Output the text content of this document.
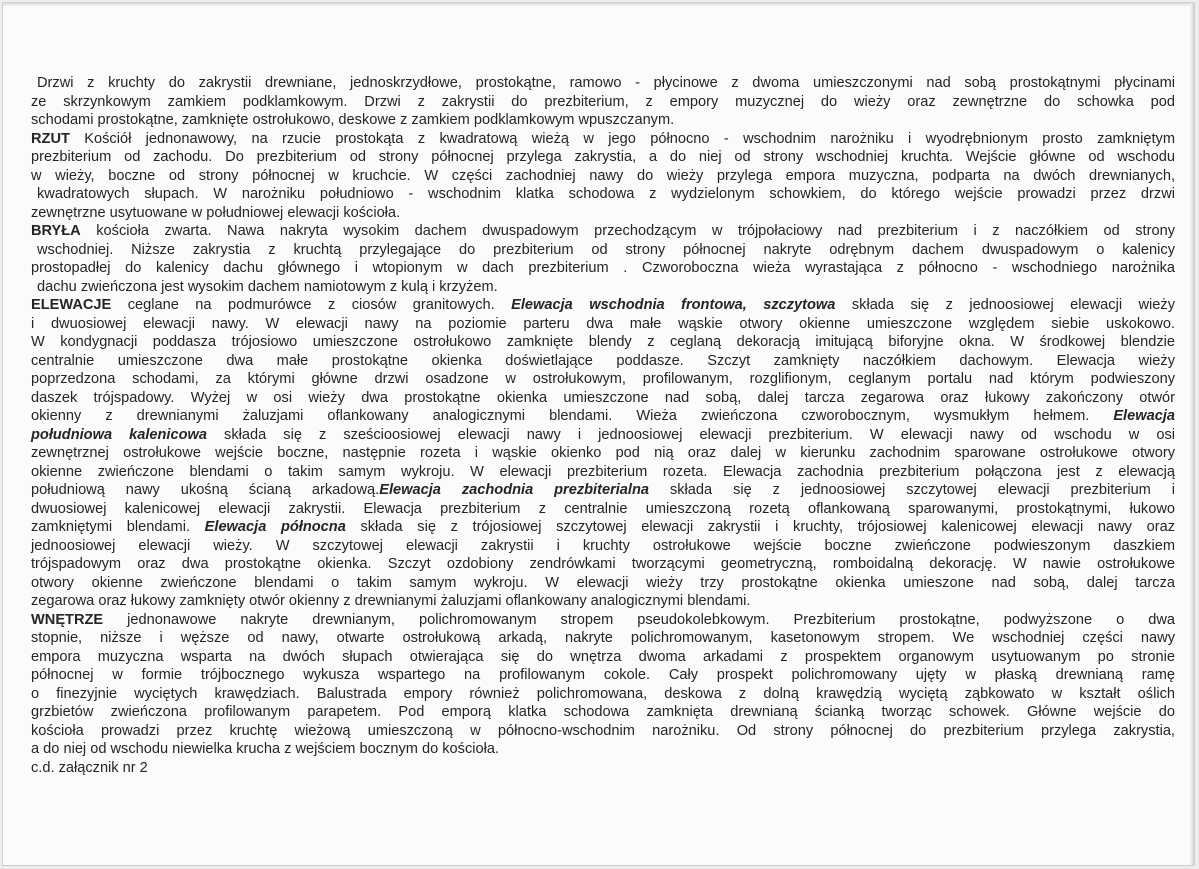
Drzwi z kruchty do zakrystii drewniane, jednoskrzydłowe, prostokątne, ramowo - płycinowe z dwoma umieszczonymi nad sobą prostokątnymi płycinami
ze skrzynkowym zamkiem podklamkowym. Drzwi z zakrystii do prezbiterium, z empory muzycznej do wieży oraz zewnętrzne do schowka pod
schodami prostokątne, zamknięte ostrołukowo, deskowe z zamkiem podklamkowym wpuszczanym.
RZUT Kościół jednonawowy, na rzucie prostokąta z kwadratową wieżą w jego północno - wschodnim narożniku i wyodrębnionym prosto zamkniętym
prezbiterium od zachodu. Do prezbiterium od strony północnej przylega zakrystia, a do niej od strony wschodniej kruchta. Wejście główne od wschodu
w wieży, boczne od strony północnej w kruchcie. W części zachodniej nawy do wieży przylega empora muzyczna, podparta na dwóch drewnianych,
kwadratowych słupach. W narożniku południowo - wschodnim klatka schodowa z wydzielonym schowkiem, do którego wejście prowadzi przez drzwi
zewnętrzne usytuowane w południowej elewacji kościoła.
BRYŁA kościoła zwarta. Nawa nakryta wysokim dachem dwuspadowym przechodzącym w trójpołaciowy nad prezbiterium i z naczółkiem od strony
wschodniej. Niższe zakrystia z kruchtą przylegające do prezbiterium od strony północnej nakryte odrębnym dachem dwuspadowym o kalenicy
prostopadłej do kalenicy dachu głównego i wtopionym w dach prezbiterium . Czworoboczna wieża wyrastająca z północno - wschodniego narożnika
dachu zwieńczona jest wysokim dachem namiotowym z kulą i krzyżem.
ELEWACJE ceglane na podmurówce z ciosów granitowych. Elewacja wschodnia frontowa, szczytowa składa się z jednoosiowej elewacji wieży
i dwuosiowej elewacji nawy. W elewacji nawy na poziomie parteru dwa małe wąskie otwory okienne umieszczone względem siebie uskokowo.
W kondygnacji poddasza trójosiowo umieszczone ostrołukowo zamknięte blendy z ceglaną dekoracją imitującą biforyjne okna. W środkowej blendzie
centralnie umieszczone dwa małe prostokątne okienka doświetlające poddasze. Szczyt zamknięty naczółkiem dachowym. Elewacja wieży
poprzedzona schodami, za którymi główne drzwi osadzone w ostrołukowym, profilowanym, rozglifionym, ceglanym portalu nad którym podwieszony
daszek trójspadowy. Wyżej w osi wieży dwa prostokątne okienka umieszczone nad sobą, dalej tarcza zegarowa oraz łukowy zakończony otwór
okienny z drewnianymi żaluzjami oflankowany analogicznymi blendami. Wieża zwieńczona czworobocznym, wysmukłym hełmem. Elewacja
południowa kalenicowa składa się z sześcioosiowej elewacji nawy i jednoosiowej elewacji prezbiterium. W elewacji nawy od wschodu w osi
zewnętrznej ostrołukowe wejście boczne, następnie rozeta i wąskie okienko pod nią oraz dalej w kierunku zachodnim sparowane ostrołukowe otwory
okienne zwieńczone blendami o takim samym wykroju. W elewacji prezbiterium rozeta. Elewacja zachodnia prezbiterium połączona jest z elewacją
południową nawy ukośną ścianą arkadową.Elewacja zachodnia prezbiterialna składa się z jednoosiowej szczytowej elewacji prezbiterium i
dwuosiowej kalenicowej elewacji zakrystii. Elewacja prezbiterium z centralnie umieszczoną rozetą oflankowaną sparowanymi, prostokątnymi, łukowo
zamkniętymi blendami. Elewacja północna składa się z trójosiowej szczytowej elewacji zakrystii i kruchty, trójosiowej kalenicowej elewacji nawy oraz
jednoosiowej elewacji wieży. W szczytowej elewacji zakrystii i kruchty ostrołukowe wejście boczne zwieńczone podwieszonym daszkiem
trójspadowym oraz dwa prostokątne okienka. Szczyt ozdobiony zendrówkami tworzącymi geometryczną, romboidalną dekorację. W nawie ostrołukowe
otwory okienne zwieńczone blendami o takim samym wykroju. W elewacji wieży trzy prostokątne okienka umieszone nad sobą, dalej tarcza
zegarowa oraz łukowy zamknięty otwór okienny z drewnianymi żaluzjami oflankowany analogicznymi blendami.
WNĘTRZE jednonawowe nakryte drewnianym, polichromowanym stropem pseudokolebkowym. Prezbiterium prostokątne, podwyższone o dwa
stopnie, niższe i węższe od nawy, otwarte ostrołukową arkadą, nakryte polichromowanym, kasetonowym stropem. We wschodniej części nawy
empora muzyczna wsparta na dwóch słupach otwierająca się do wnętrza dwoma arkadami z prospektem organowym usytuowanym po stronie
północnej w formie trójbocznego wykusza wspartego na profilowanym cokole. Cały prospekt polichromowany ujęty w płaską drewnianą ramę
o finezyjnie wyciętych krawędziach. Balustrada empory również polichromowana, deskowa z dolną krawędzią wyciętą ząbkowato w kształt oślich
grzbietów zwieńczona profilowanym parapetem. Pod emporą klatka schodowa zamknięta drewnianą ścianką tworząc schowek. Główne wejście do
kościoła prowadzi przez kruchtę wieżową umieszczoną w północno-wschodnim narożniku. Od strony północnej do prezbiterium przylega zakrystia,
a do niej od wschodu niewielka krucha z wejściem bocznym do kościoła.
c.d. załącznik nr 2
